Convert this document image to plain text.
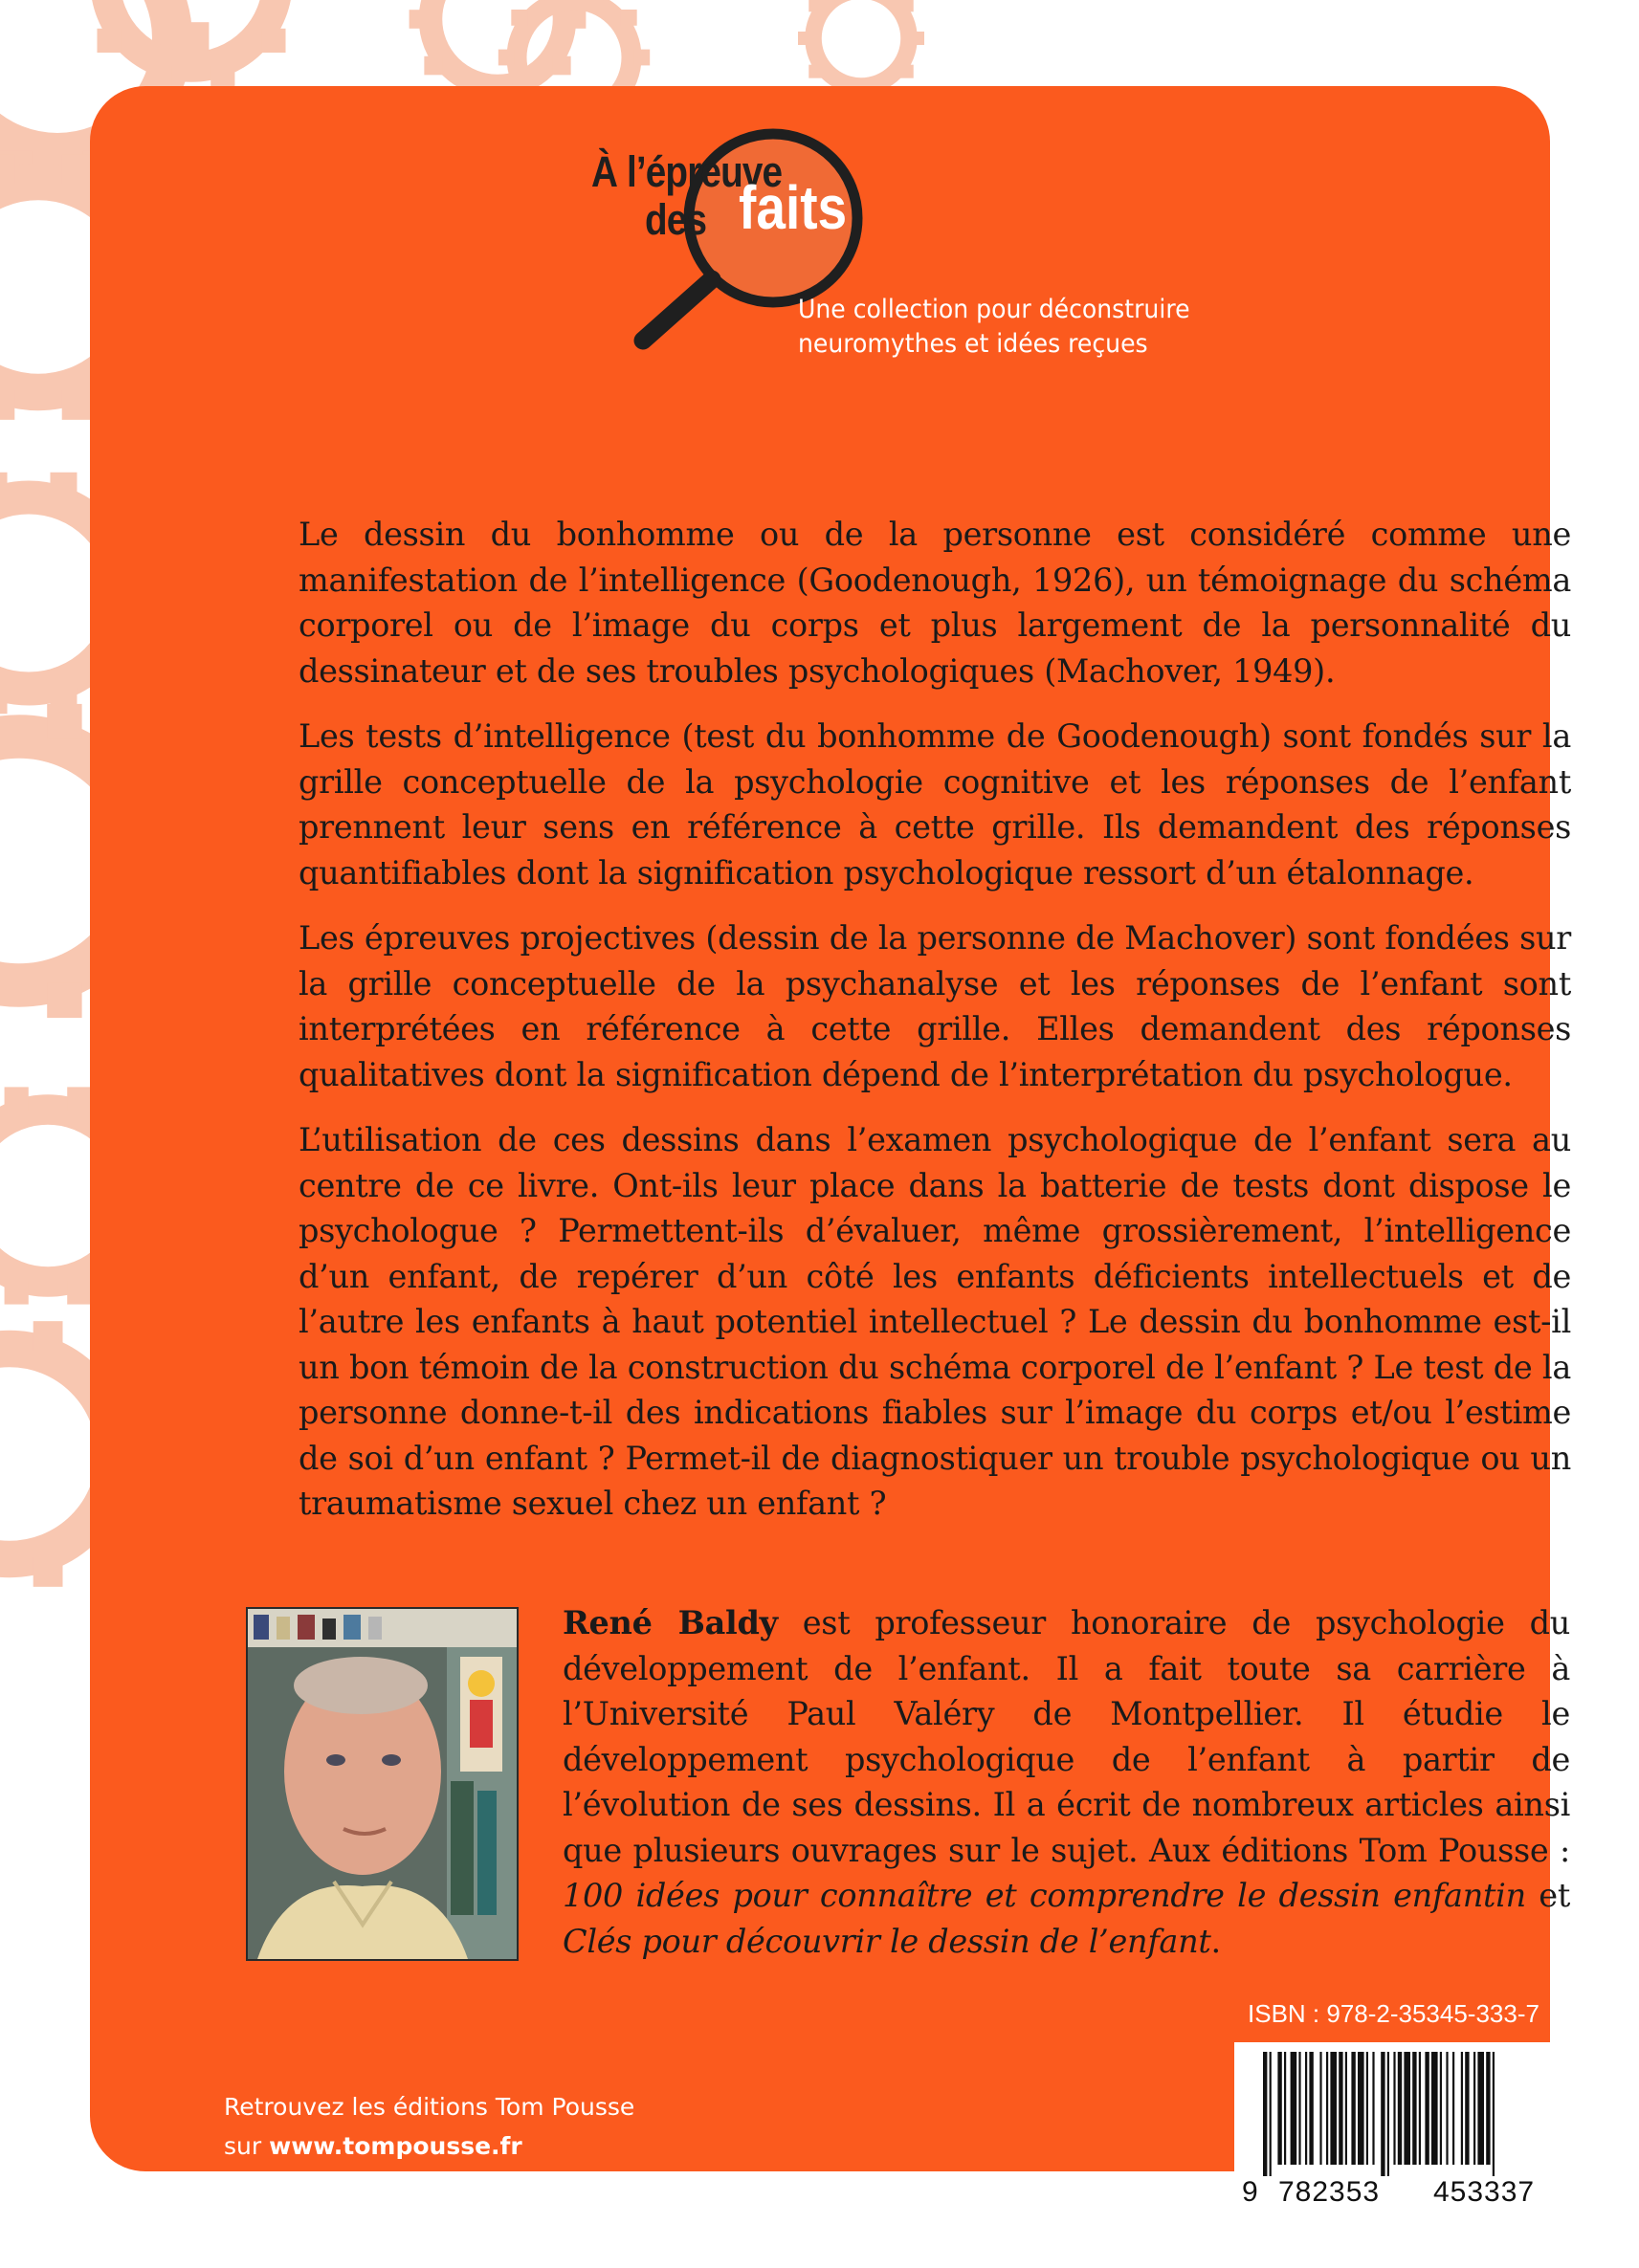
À l’épreuve
des faits
Une collection pour déconstruire
neuromythes et idées reçues

Le dessin du bonhomme ou de la personne est considéré comme une manifestation de l’intelligence (Goodenough, 1926), un témoignage du schéma corporel ou de l’image du corps et plus largement de la personnalité du dessinateur et de ses troubles psychologiques (Machover, 1949).

Les tests d’intelligence (test du bonhomme de Goodenough) sont fondés sur la grille conceptuelle de la psychologie cognitive et les réponses de l’enfant prennent leur sens en référence à cette grille. Ils demandent des réponses quantifiables dont la signification psychologique ressort d’un étalonnage.

Les épreuves projectives (dessin de la personne de Machover) sont fondées sur la grille conceptuelle de la psychanalyse et les réponses de l’enfant sont interprétées en référence à cette grille. Elles demandent des réponses qualitatives dont la signification dépend de l’interprétation du psychologue.

L’utilisation de ces dessins dans l’examen psychologique de l’enfant sera au centre de ce livre. Ont-ils leur place dans la batterie de tests dont dispose le psychologue ? Permettent-ils d’évaluer, même grossièrement, l’intelligence d’un enfant, de repérer d’un côté les enfants déficients intellectuels et de l’autre les enfants à haut potentiel intellectuel ? Le dessin du bonhomme est-il un bon témoin de la construction du schéma corporel de l’enfant ? Le test de la personne donne-t-il des indications fiables sur l’image du corps et/ou l’estime de soi d’un enfant ? Permet-il de diagnostiquer un trouble psychologique ou un traumatisme sexuel chez un enfant ?

René Baldy est professeur honoraire de psychologie du développement de l’enfant. Il a fait toute sa carrière à l’Université Paul Valéry de Montpellier. Il étudie le développement psychologique de l’enfant à partir de l’évolution de ses dessins. Il a écrit de nombreux articles ainsi que plusieurs ouvrages sur le sujet. Aux éditions Tom Pousse : 100 idées pour connaître et comprendre le dessin enfantin et Clés pour découvrir le dessin de l’enfant.
ISBN : 978-2-35345-333-7
9 782353 453337
Retrouvez les éditions Tom Pousse
sur www.tompousse.fr
Prix : 21 €
